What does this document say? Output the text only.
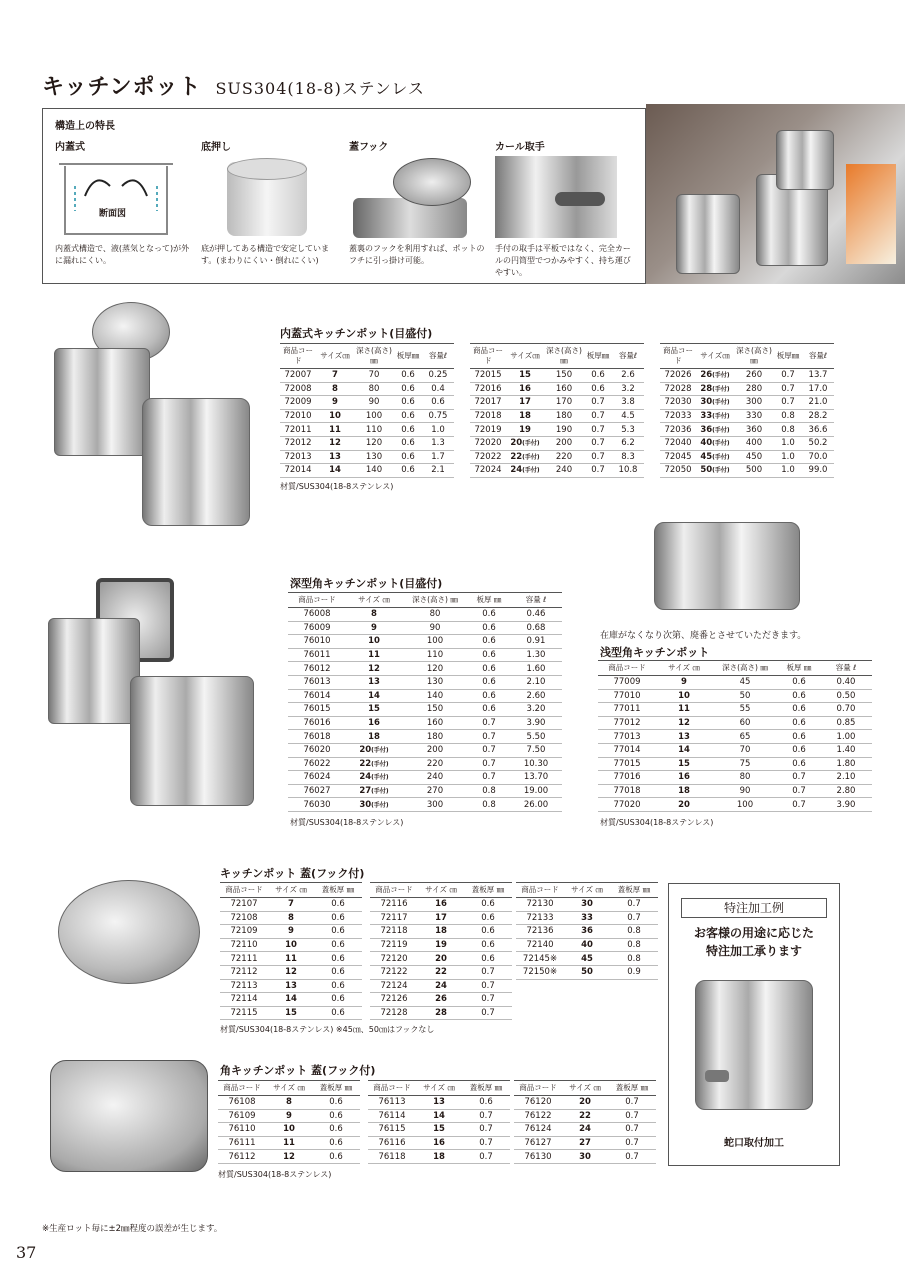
キッチンポット SUS304(18-8)ステンレス
構造上の特長
内蓋式
断面図
内蓋式構造で、液(蒸気となって)が外に漏れにくい。
底押し
底が押してある構造で安定しています。(まわりにくい・倒れにくい)
蓋フック
蓋裏のフックを利用すれば、ポットのフチに引っ掛け可能。
カール取手
手付の取手は平板ではなく、完全カールの円筒型でつかみやすく、持ち運びやすい。
内蓋式キッチンポット(目盛付)
商品コード	サイズ㎝	深さ(高さ)㎜	板厚㎜	容量ℓ
72007	7	70	0.6	0.25
72008	8	80	0.6	0.4
72009	9	90	0.6	0.6
72010	10	100	0.6	0.75
72011	11	110	0.6	1.0
72012	12	120	0.6	1.3
72013	13	130	0.6	1.7
72014	14	140	0.6	2.1
商品コード	サイズ㎝	深さ(高さ)㎜	板厚㎜	容量ℓ
72015	15	150	0.6	2.6
72016	16	160	0.6	3.2
72017	17	170	0.7	3.8
72018	18	180	0.7	4.5
72019	19	190	0.7	5.3
72020	20(手付)	200	0.7	6.2
72022	22(手付)	220	0.7	8.3
72024	24(手付)	240	0.7	10.8
商品コード	サイズ㎝	深さ(高さ)㎜	板厚㎜	容量ℓ
72026	26(手付)	260	0.7	13.7
72028	28(手付)	280	0.7	17.0
72030	30(手付)	300	0.7	21.0
72033	33(手付)	330	0.8	28.2
72036	36(手付)	360	0.8	36.6
72040	40(手付)	400	1.0	50.2
72045	45(手付)	450	1.0	70.0
72050	50(手付)	500	1.0	99.0
材質/SUS304(18-8ステンレス)
深型角キッチンポット(目盛付)
商品コード	サイズ ㎝	深さ(高さ) ㎜	板厚 ㎜	容量 ℓ
76008	8	80	0.6	0.46
76009	9	90	0.6	0.68
76010	10	100	0.6	0.91
76011	11	110	0.6	1.30
76012	12	120	0.6	1.60
76013	13	130	0.6	2.10
76014	14	140	0.6	2.60
76015	15	150	0.6	3.20
76016	16	160	0.7	3.90
76018	18	180	0.7	5.50
76020	20(手付)	200	0.7	7.50
76022	22(手付)	220	0.7	10.30
76024	24(手付)	240	0.7	13.70
76027	27(手付)	270	0.8	19.00
76030	30(手付)	300	0.8	26.00
材質/SUS304(18-8ステンレス)
在庫がなくなり次第、廃番とさせていただきます。
浅型角キッチンポット
商品コード	サイズ ㎝	深さ(高さ) ㎜	板厚 ㎜	容量 ℓ
77009	9	45	0.6	0.40
77010	10	50	0.6	0.50
77011	11	55	0.6	0.70
77012	12	60	0.6	0.85
77013	13	65	0.6	1.00
77014	14	70	0.6	1.40
77015	15	75	0.6	1.80
77016	16	80	0.7	2.10
77018	18	90	0.7	2.80
77020	20	100	0.7	3.90
材質/SUS304(18-8ステンレス)
キッチンポット 蓋(フック付)
商品コード	サイズ ㎝	蓋板厚 ㎜
72107	7	0.6
72108	8	0.6
72109	9	0.6
72110	10	0.6
72111	11	0.6
72112	12	0.6
72113	13	0.6
72114	14	0.6
72115	15	0.6
商品コード	サイズ ㎝	蓋板厚 ㎜
72116	16	0.6
72117	17	0.6
72118	18	0.6
72119	19	0.6
72120	20	0.6
72122	22	0.7
72124	24	0.7
72126	26	0.7
72128	28	0.7
商品コード	サイズ ㎝	蓋板厚 ㎜
72130	30	0.7
72133	33	0.7
72136	36	0.8
72140	40	0.8
72145※	45	0.8
72150※	50	0.9
材質/SUS304(18-8ステンレス) ※45㎝、50㎝はフックなし
角キッチンポット 蓋(フック付)
商品コード	サイズ ㎝	蓋板厚 ㎜
76108	8	0.6
76109	9	0.6
76110	10	0.6
76111	11	0.6
76112	12	0.6
商品コード	サイズ ㎝	蓋板厚 ㎜
76113	13	0.6
76114	14	0.7
76115	15	0.7
76116	16	0.7
76118	18	0.7
商品コード	サイズ ㎝	蓋板厚 ㎜
76120	20	0.7
76122	22	0.7
76124	24	0.7
76127	27	0.7
76130	30	0.7
材質/SUS304(18-8ステンレス)
特注加工例
お客様の用途に応じた
特注加工承ります
蛇口取付加工
※生産ロット毎に±2㎜程度の誤差が生じます。
37
